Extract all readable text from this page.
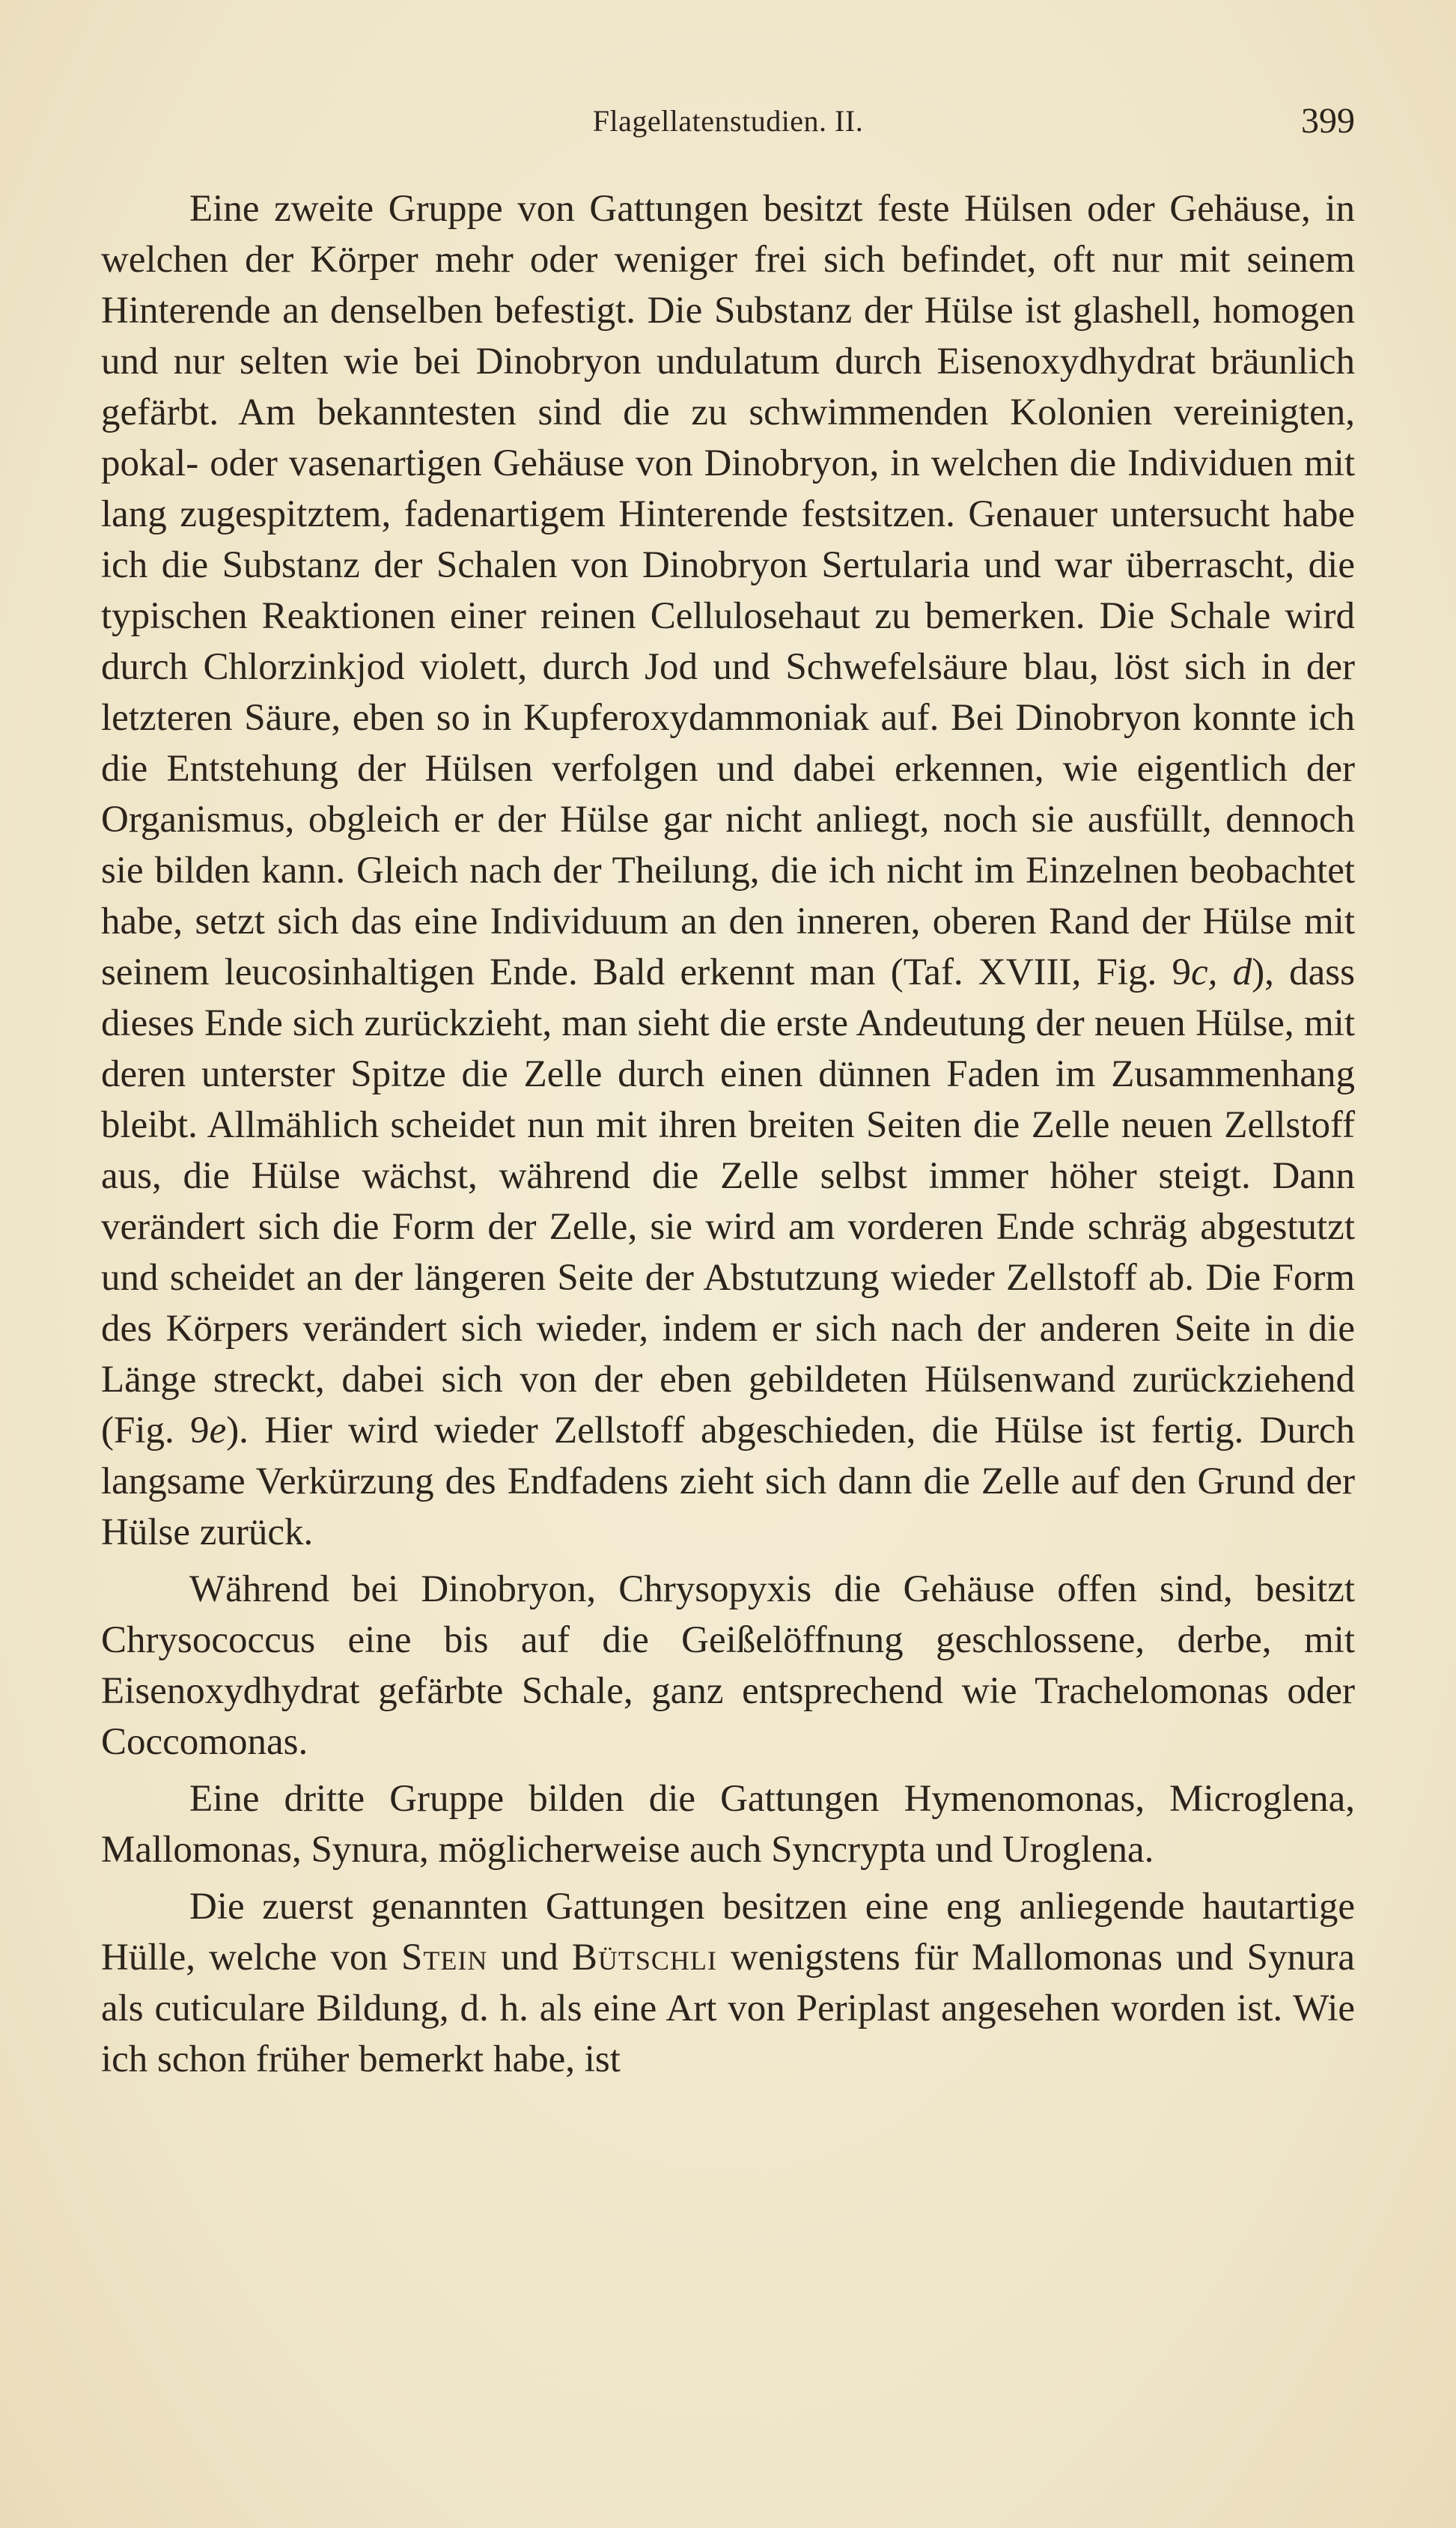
Flagellatenstudien. II.	399

Eine zweite Gruppe von Gattungen besitzt feste Hülsen oder Gehäuse, in welchen der Körper mehr oder weniger frei sich befindet, oft nur mit seinem Hinterende an denselben befestigt. Die Substanz der Hülse ist glashell, homogen und nur selten wie bei Dinobryon undulatum durch Eisenoxydhydrat bräunlich gefärbt. Am bekanntesten sind die zu schwimmenden Kolonien vereinigten, pokal- oder vasenartigen Gehäuse von Dinobryon, in welchen die Individuen mit lang zugespitztem, fadenartigem Hinterende festsitzen. Genauer untersucht habe ich die Substanz der Schalen von Dinobryon Sertularia und war überrascht, die typischen Reaktionen einer reinen Cellulosehaut zu bemerken. Die Schale wird durch Chlorzinkjod violett, durch Jod und Schwefelsäure blau, löst sich in der letzteren Säure, eben so in Kupferoxydammoniak auf. Bei Dinobryon konnte ich die Entstehung der Hülsen verfolgen und dabei erkennen, wie eigentlich der Organismus, obgleich er der Hülse gar nicht anliegt, noch sie ausfüllt, dennoch sie bilden kann. Gleich nach der Theilung, die ich nicht im Einzelnen beobachtet habe, setzt sich das eine Individuum an den inneren, oberen Rand der Hülse mit seinem leucosinhaltigen Ende. Bald erkennt man (Taf. XVIII, Fig. 9c, d), dass dieses Ende sich zurückzieht, man sieht die erste Andeutung der neuen Hülse, mit deren unterster Spitze die Zelle durch einen dünnen Faden im Zusammenhang bleibt. Allmählich scheidet nun mit ihren breiten Seiten die Zelle neuen Zellstoff aus, die Hülse wächst, während die Zelle selbst immer höher steigt. Dann verändert sich die Form der Zelle, sie wird am vorderen Ende schräg abgestutzt und scheidet an der längeren Seite der Abstutzung wieder Zellstoff ab. Die Form des Körpers verändert sich wieder, indem er sich nach der anderen Seite in die Länge streckt, dabei sich von der eben gebildeten Hülsenwand zurückziehend (Fig. 9e). Hier wird wieder Zellstoff abgeschieden, die Hülse ist fertig. Durch langsame Verkürzung des Endfadens zieht sich dann die Zelle auf den Grund der Hülse zurück.

Während bei Dinobryon, Chrysopyxis die Gehäuse offen sind, besitzt Chrysococcus eine bis auf die Geißelöffnung geschlossene, derbe, mit Eisenoxydhydrat gefärbte Schale, ganz entsprechend wie Trachelomonas oder Coccomonas.

Eine dritte Gruppe bilden die Gattungen Hymenomonas, Microglena, Mallomonas, Synura, möglicherweise auch Syncrypta und Uroglena.

Die zuerst genannten Gattungen besitzen eine eng anliegende hautartige Hülle, welche von Stein und Bütschli wenigstens für Mallomonas und Synura als cuticulare Bildung, d. h. als eine Art von Periplast angesehen worden ist. Wie ich schon früher bemerkt habe, ist
